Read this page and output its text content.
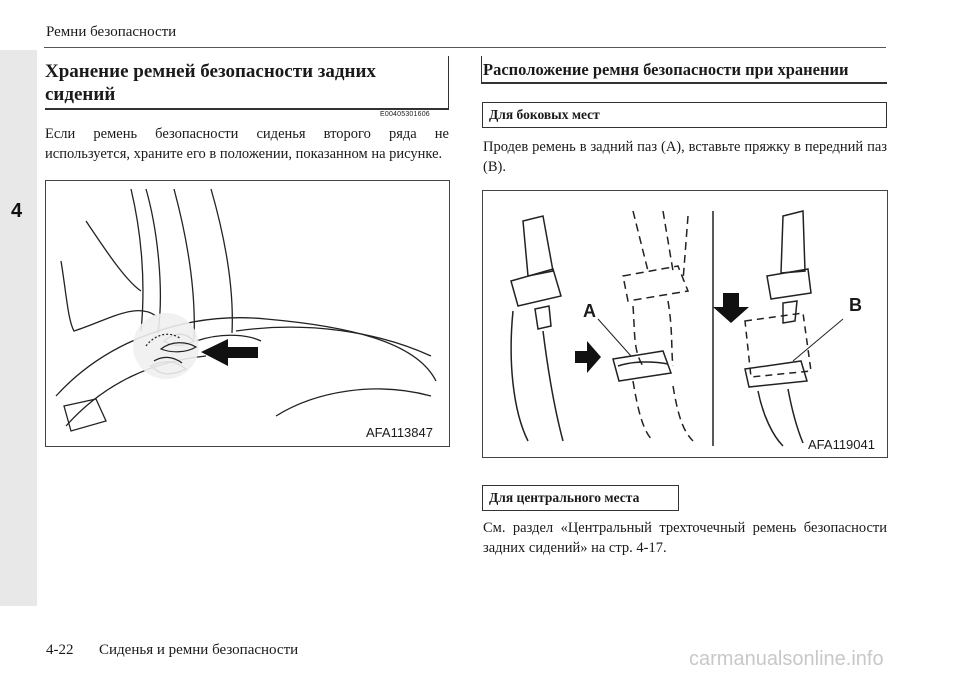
4
Ремни безопасности
Хранение ремней безопасности задних сидений
E00405301606
Если ремень безопасности сиденья второго ряда не используется, храните его в положении, показанном на рисунке.
AFA113847
Расположение ремня безопасности при хранении
Для боковых мест
Продев ремень в задний паз (A), вставьте пряжку в передний паз (B).
A	B
AFA119041
Для центрального места
См. раздел «Центральный трехточечный ремень безопасности задних сидений» на стр. 4-17.
4-22 Сиденья и ремни безопасности	carmanualsonline.info
